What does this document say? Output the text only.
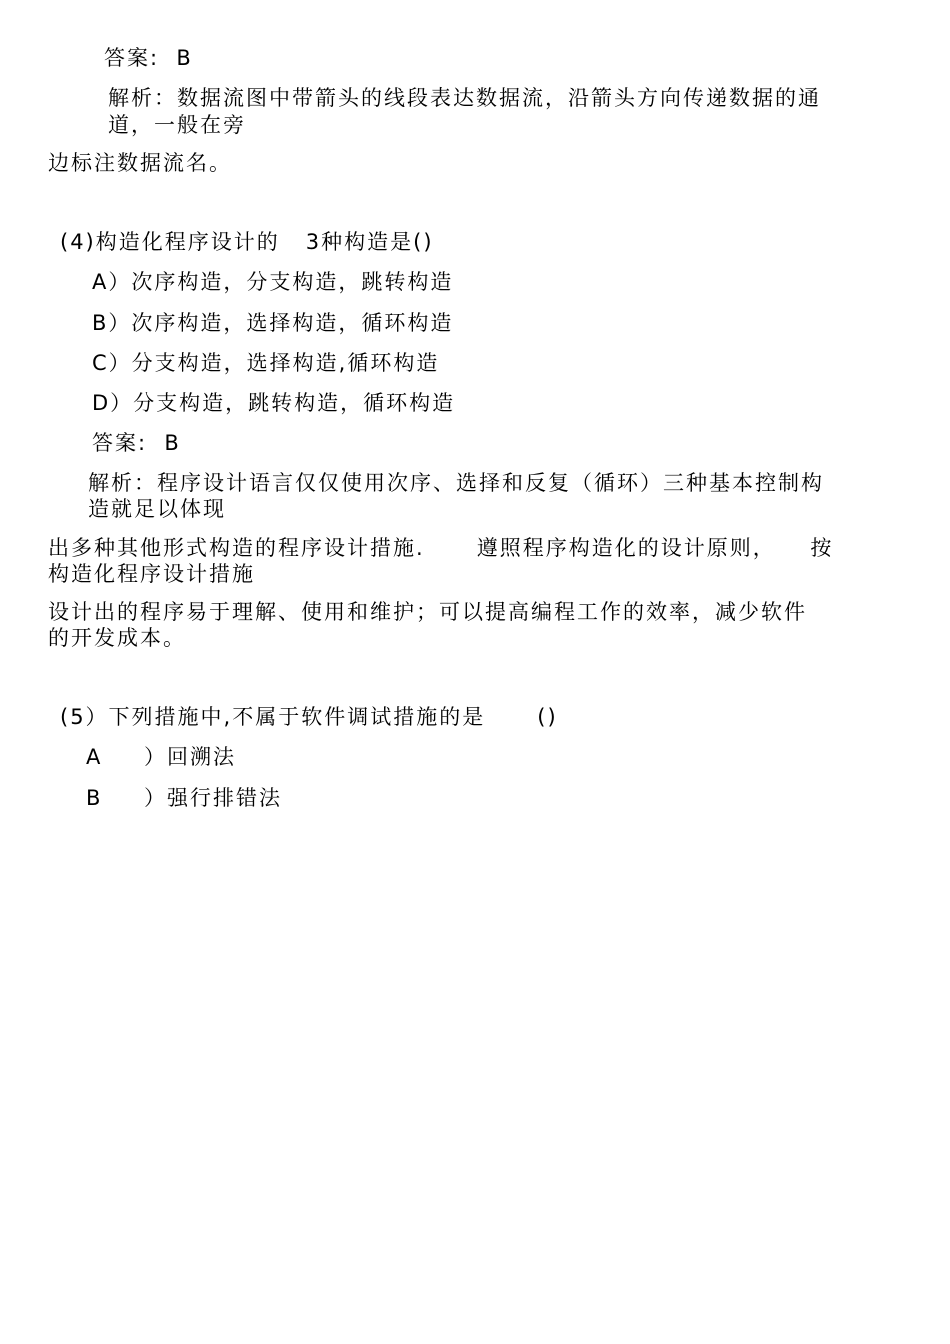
答案:  B
解析：数据流图中带箭头的线段表达数据流，沿箭头方向传递数据的通
道，一般在旁
边标注数据流名。
(4)构造化程序设计的   3种构造是()
A）次序构造，分支构造，跳转构造
B）次序构造，选择构造，循环构造
C）分支构造，选择构造,循环构造
D）分支构造，跳转构造，循环构造
答案:  B
解析：程序设计语言仅仅使用次序、选择和反复（循环）三种基本控制构
造就足以体现
出多种其他形式构造的程序设计措施.      遵照程序构造化的设计原则，    按
构造化程序设计措施
设计出的程序易于理解、使用和维护；可以提高编程工作的效率，减少软件
的开发成本。
(5）下列措施中,不属于软件调试措施的是      ()
A ）回溯法
B ）强行排错法
